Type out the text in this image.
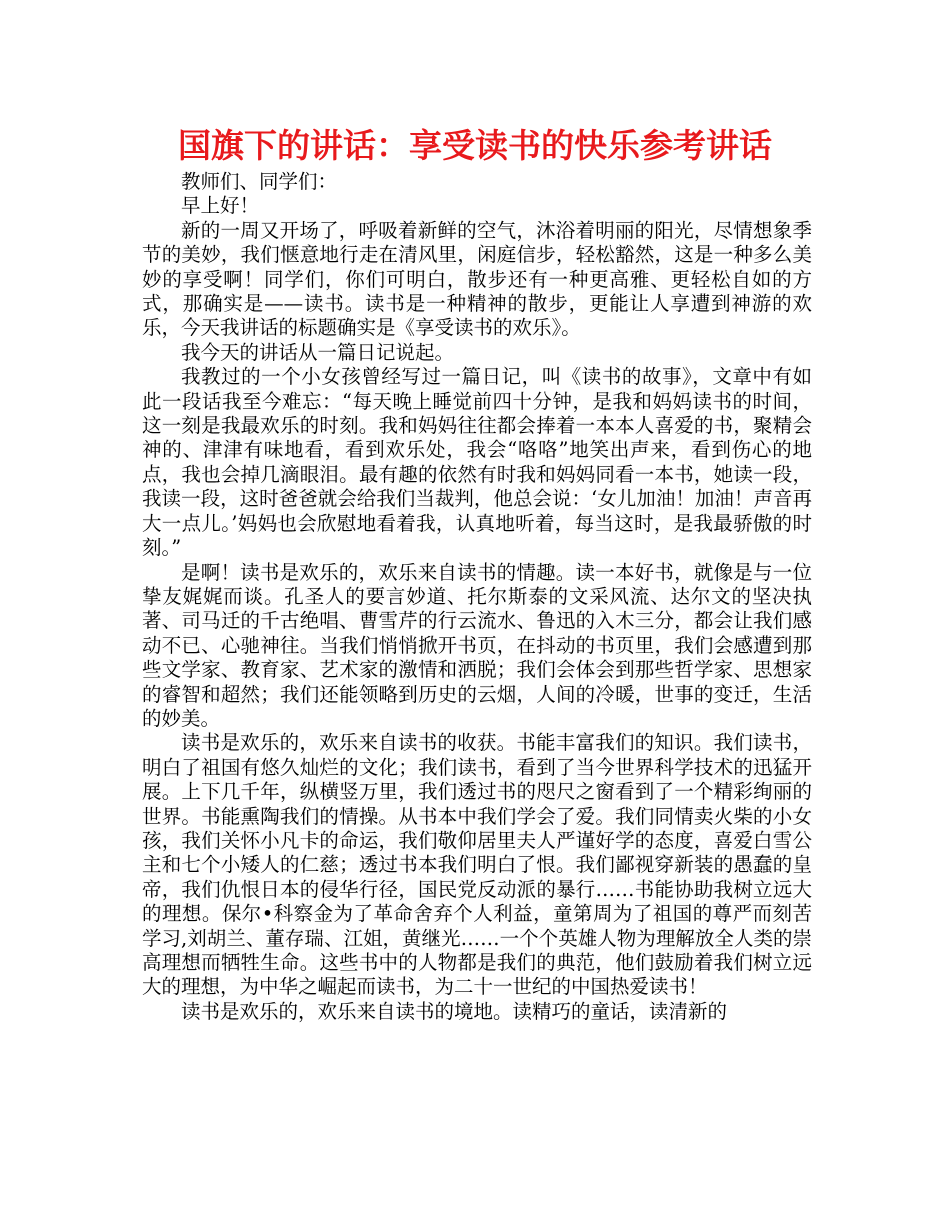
国旗下的讲话：享受读书的快乐参考讲话

教师们、同学们：

早上好！

新的一周又开场了，呼吸着新鲜的空气，沐浴着明丽的阳光，尽情想象季节的美妙，我们惬意地行走在清风里，闲庭信步，轻松豁然，这是一种多么美妙的享受啊！同学们，你们可明白，散步还有一种更高雅、更轻松自如的方式，那确实是——读书。读书是一种精神的散步，更能让人享遭到神游的欢乐，今天我讲话的标题确实是《享受读书的欢乐》。

我今天的讲话从一篇日记说起。

我教过的一个小女孩曾经写过一篇日记，叫《读书的故事》，文章中有如此一段话我至今难忘：“每天晚上睡觉前四十分钟，是我和妈妈读书的时间，这一刻是我最欢乐的时刻。我和妈妈往往都会捧着一本本人喜爱的书，聚精会神的、津津有味地看，看到欢乐处，我会“咯咯”地笑出声来，看到伤心的地点，我也会掉几滴眼泪。最有趣的依然有时我和妈妈同看一本书，她读一段，我读一段，这时爸爸就会给我们当裁判，他总会说：‘女儿加油！加油！声音再大一点儿。’妈妈也会欣慰地看着我，认真地听着，每当这时，是我最骄傲的时刻。”

是啊！读书是欢乐的，欢乐来自读书的情趣。读一本好书，就像是与一位挚友娓娓而谈。孔圣人的要言妙道、托尔斯泰的文采风流、达尔文的坚决执著、司马迁的千古绝唱、曹雪芹的行云流水、鲁迅的入木三分，都会让我们感动不已、心驰神往。当我们悄悄掀开书页，在抖动的书页里，我们会感遭到那些文学家、教育家、艺术家的激情和洒脱；我们会体会到那些哲学家、思想家的睿智和超然；我们还能领略到历史的云烟，人间的冷暖，世事的变迁，生活的妙美。

读书是欢乐的，欢乐来自读书的收获。书能丰富我们的知识。我们读书，明白了祖国有悠久灿烂的文化；我们读书，看到了当今世界科学技术的迅猛开展。上下几千年，纵横竖万里，我们透过书的咫尺之窗看到了一个精彩绚丽的世界。书能熏陶我们的情操。从书本中我们学会了爱。我们同情卖火柴的小女孩，我们关怀小凡卡的命运，我们敬仰居里夫人严谨好学的态度，喜爱白雪公主和七个小矮人的仁慈；透过书本我们明白了恨。我们鄙视穿新装的愚蠢的皇帝，我们仇恨日本的侵华行径，国民党反动派的暴行……书能协助我树立远大的理想。保尔•科察金为了革命舍弃个人利益，童第周为了祖国的尊严而刻苦学习,刘胡兰、董存瑞、江姐，黄继光……一个个英雄人物为理解放全人类的崇高理想而牺牲生命。这些书中的人物都是我们的典范，他们鼓励着我们树立远大的理想，为中华之崛起而读书，为二十一世纪的中国热爱读书！

读书是欢乐的，欢乐来自读书的境地。读精巧的童话，读清新的
